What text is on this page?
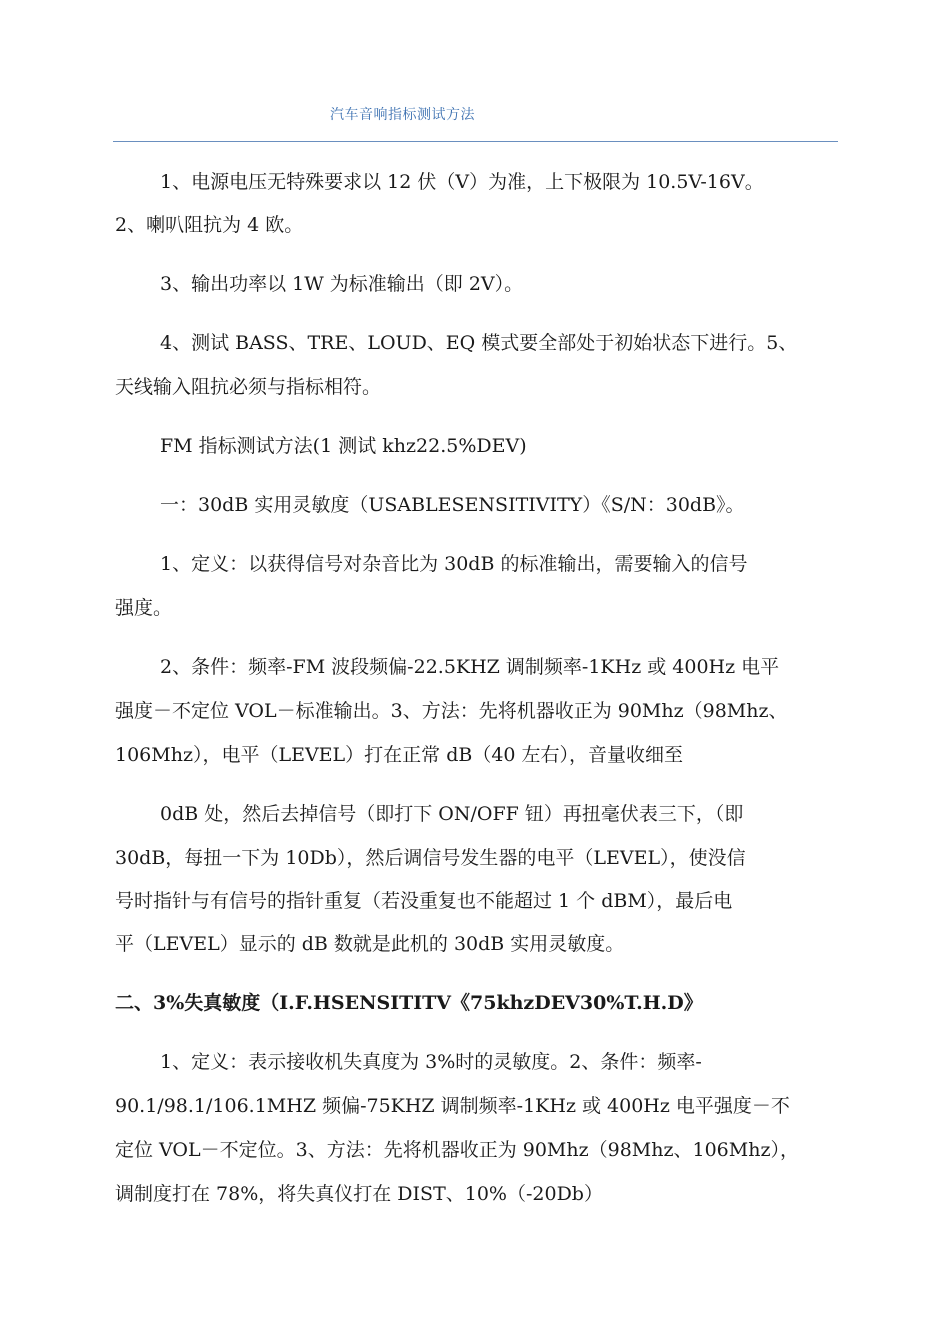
汽车音响指标测试方法
1、电源电压无特殊要求以 12 伏（V）为准，上下极限为 10.5V-16V。
2、喇叭阻抗为 4 欧。
3、输出功率以 1W 为标准输出（即 2V）。
4、测试 BASS、TRE、LOUD、EQ 模式要全部处于初始状态下进行。5、
天线输入阻抗必须与指标相符。
FM 指标测试方法(1 测试 khz22.5%DEV)
一：30dB 实用灵敏度（USABLESENSITIVITY）《S/N：30dB》。
1、定义：以获得信号对杂音比为 30dB 的标准输出，需要输入的信号
强度。
2、条件：频率-FM 波段频偏-22.5KHZ 调制频率-1KHz 或 400Hz 电平
强度－不定位 VOL－标准输出。3、方法：先将机器收正为 90Mhz（98Mhz、
106Mhz），电平（LEVEL）打在正常 dB（40 左右），音量收细至
0dB 处，然后去掉信号（即打下 ON/OFF 钮）再扭毫伏表三下，（即
30dB，每扭一下为 10Db），然后调信号发生器的电平（LEVEL），使没信
号时指针与有信号的指针重复（若没重复也不能超过 1 个 dBM），最后电
平（LEVEL）显示的 dB 数就是此机的 30dB 实用灵敏度。
二、3%失真敏度（I.F.HSENSITITV《75khzDEV30%T.H.D》
1、定义：表示接收机失真度为 3%时的灵敏度。2、条件：频率-
90.1/98.1/106.1MHZ 频偏-75KHZ 调制频率-1KHz 或 400Hz 电平强度－不
定位 VOL－不定位。3、方法：先将机器收正为 90Mhz（98Mhz、106Mhz），
调制度打在 78%，将失真仪打在 DIST、10%（-20Db）
